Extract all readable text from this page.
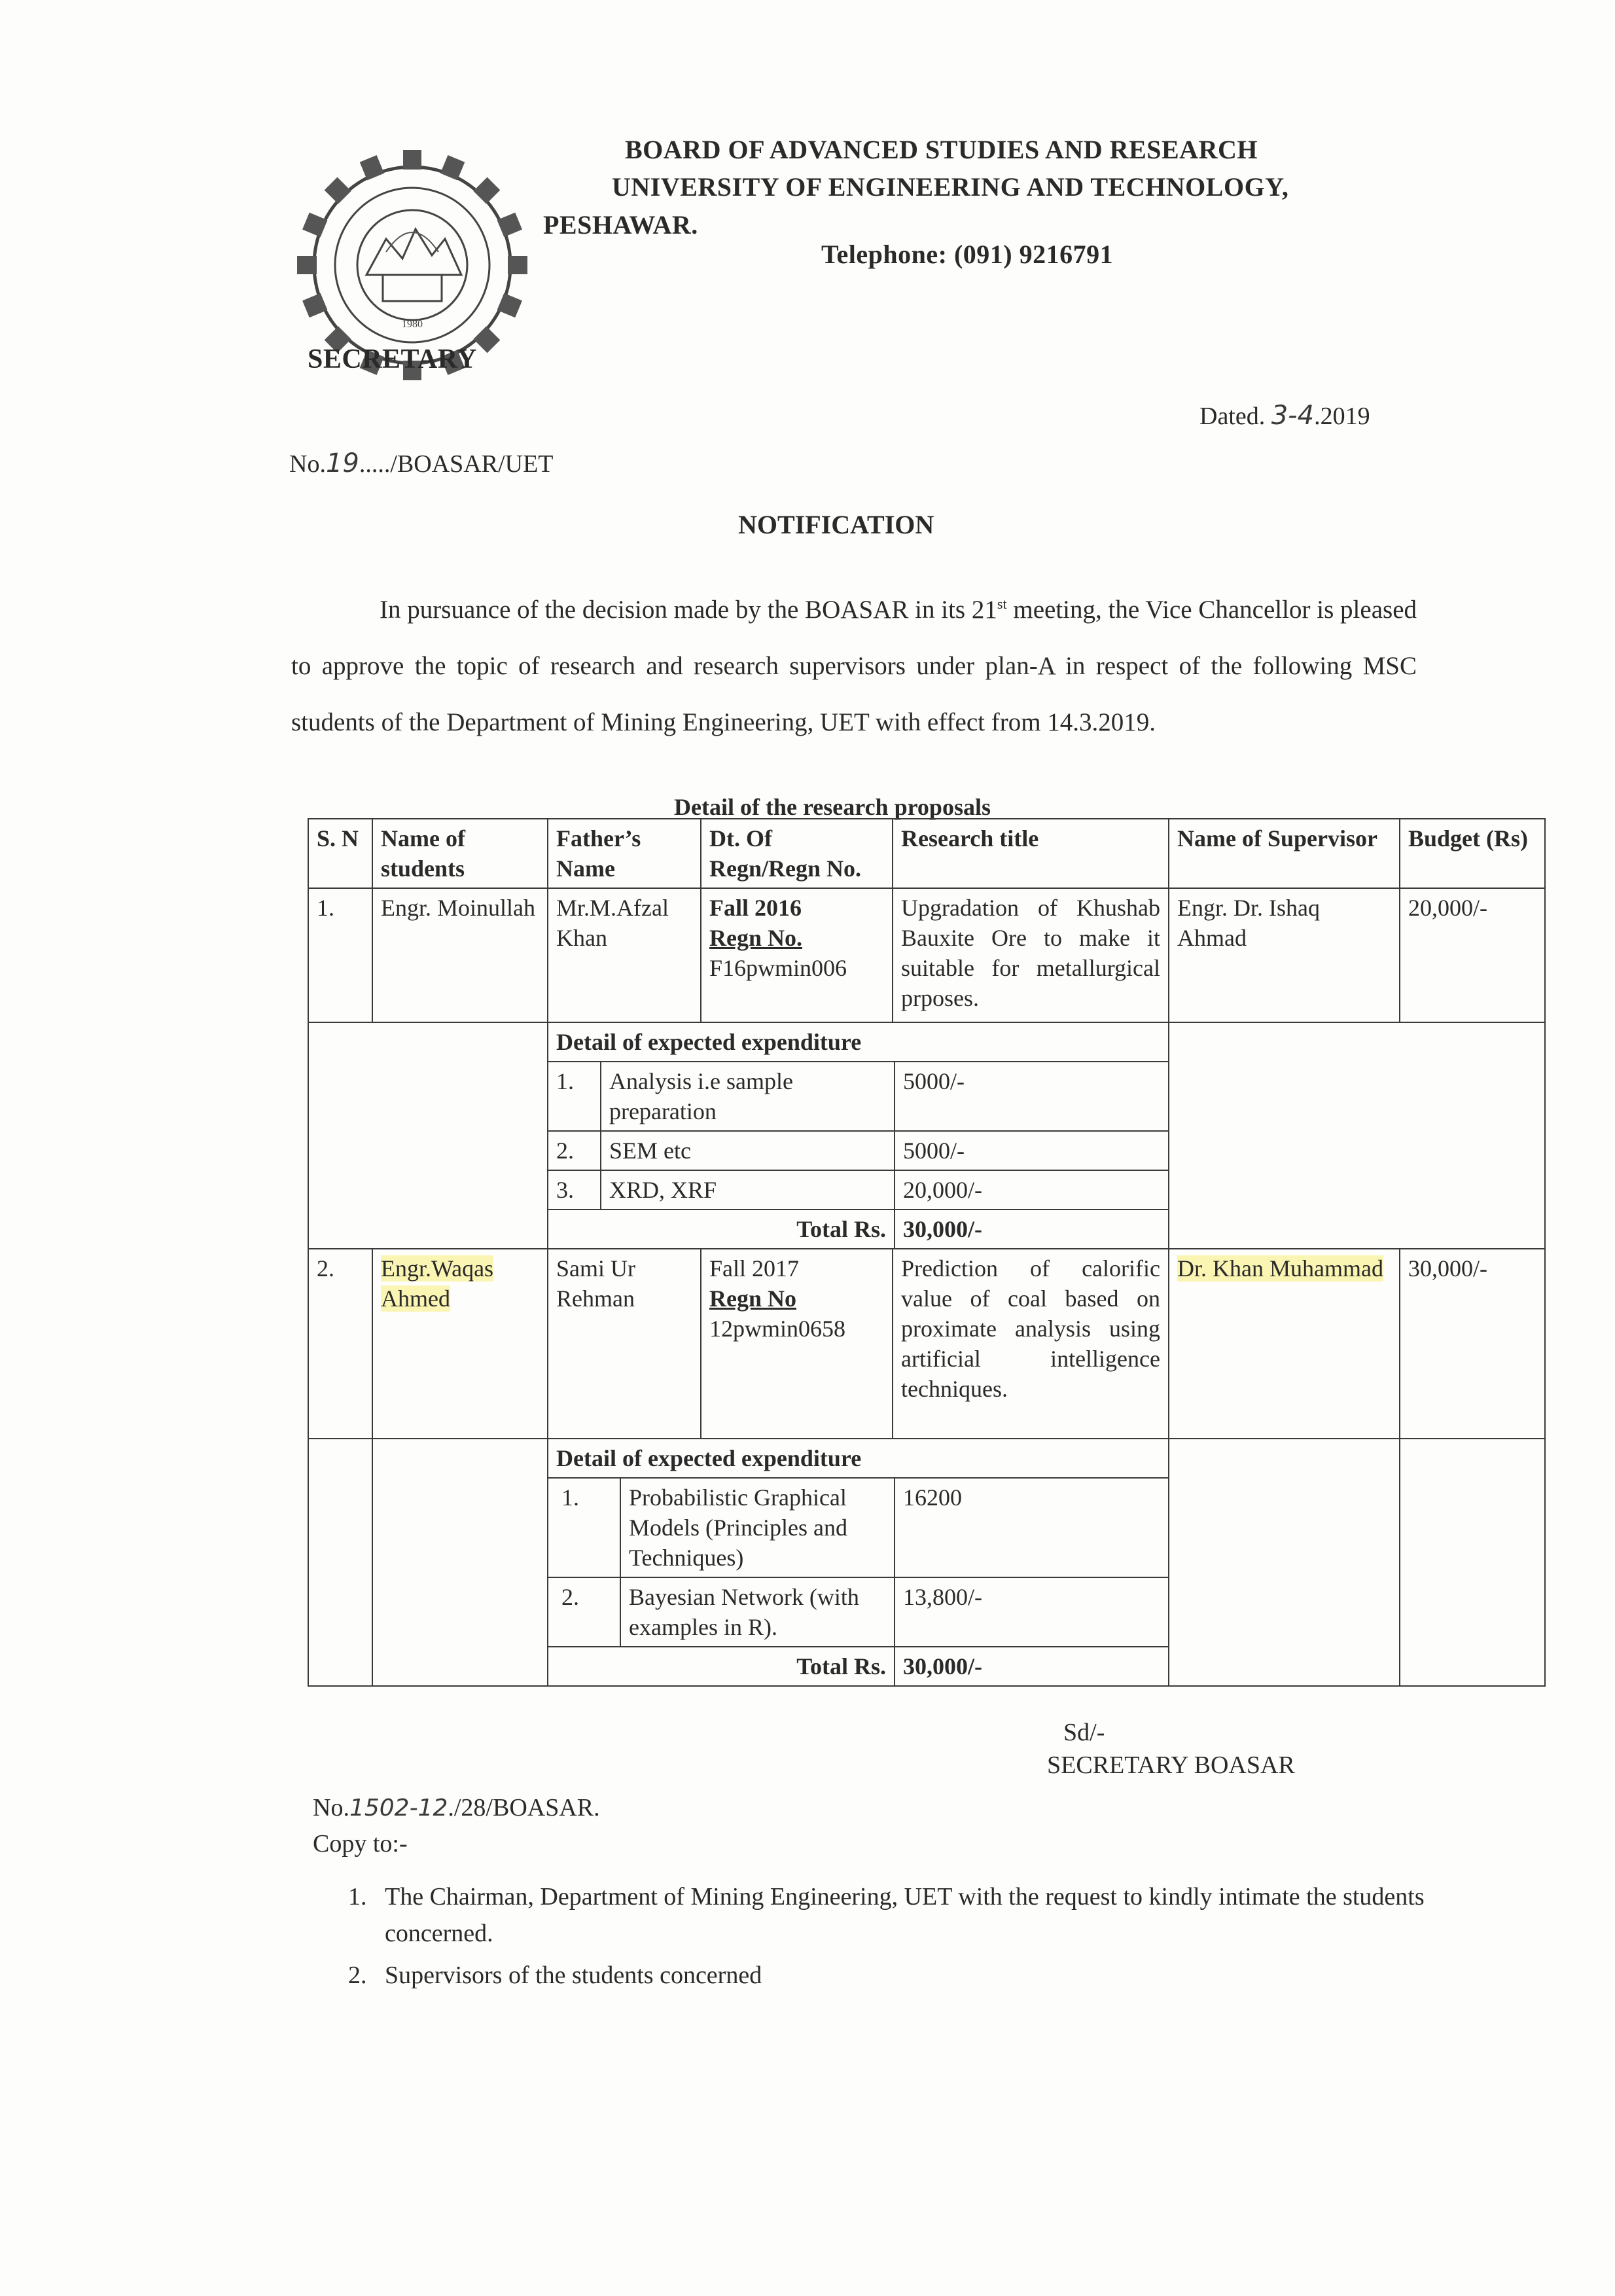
1980
BOARD OF ADVANCED STUDIES AND RESEARCH
UNIVERSITY OF ENGINEERING AND TECHNOLOGY,
PESHAWAR.
Telephone: (091) 9216791
SECRETARY
Dated. 3-4.2019
No.19...../BOASAR/UET
NOTIFICATION
In pursuance of the decision made by the BOASAR in its 21st meeting, the Vice Chancellor is pleased to approve the topic of research and research supervisors under plan-A in respect of the following MSC students of the Department of Mining Engineering, UET with effect from 14.3.2019.
Detail of the research proposals
S. N	Name of students	Father’s Name	Dt. Of Regn/Regn No.	Research title	Name of Supervisor	Budget (Rs)
1.	Engr. Moinullah	Mr.M.Afzal Khan	
Fall 2016
Regn No.
F16pwmin006
	Upgradation of Khushab Bauxite Ore to make it suitable for metallurgical prposes.	Engr. Dr. Ishaq Ahmad	20,000/-
	Detail of expected expenditure	

1.	Analysis i.e sample preparation	5000/-
2.	SEM etc	5000/-
3.	XRD, XRF	20,000/-
Total Rs.	30,000/-

2.	Engr.Waqas Ahmed	Sami Ur Rehman	
Fall 2017
Regn No
12pwmin0658
	Prediction of calorific value of coal based on proximate analysis using artificial intelligence techniques.	Dr. Khan Muhammad	30,000/-
		Detail of expected expenditure		

1.	Probabilistic Graphical Models (Principles and Techniques)	16200
2.	Bayesian Network (with examples in R).	13,800/-
Total Rs.	30,000/-

Sd/-
SECRETARY BOASAR
No.1502-12./28/BOASAR.
Copy to:-
1. The Chairman, Department of Mining Engineering, UET with the request to kindly intimate the students concerned.
2. Supervisors of the students concerned
